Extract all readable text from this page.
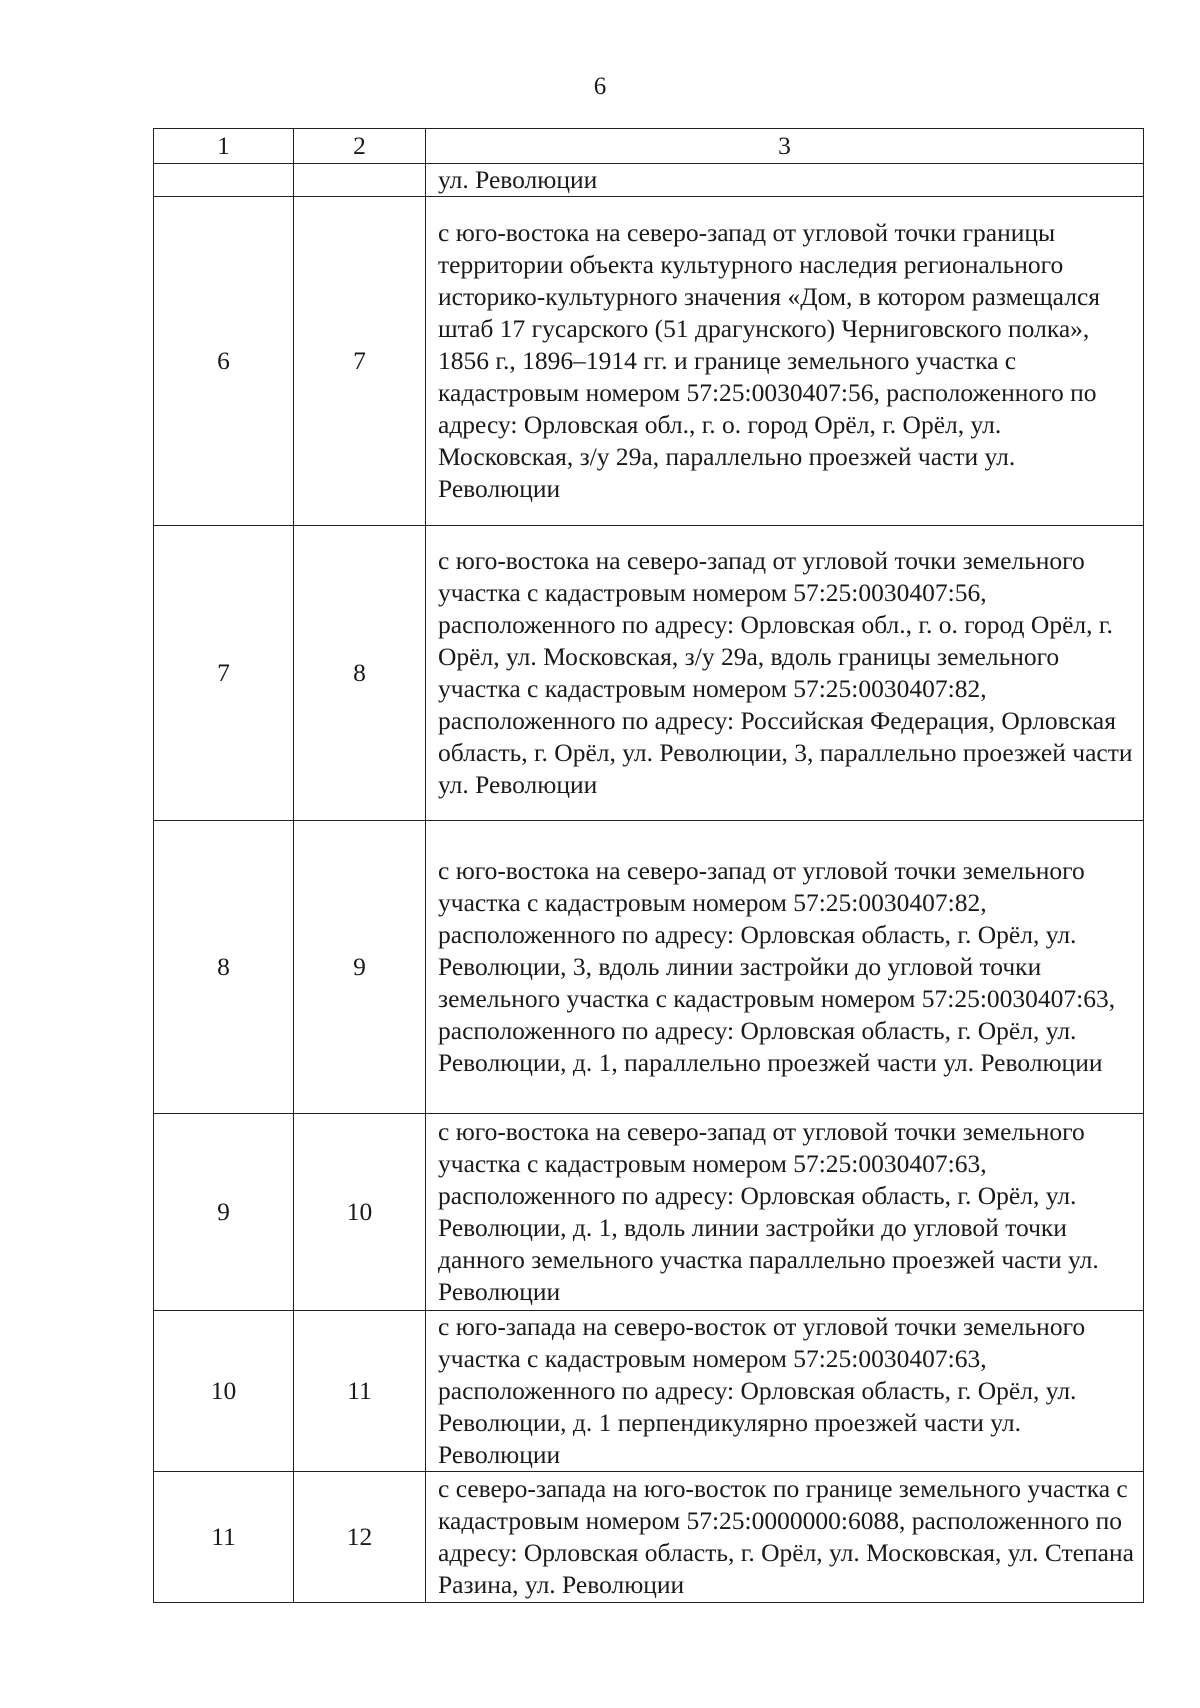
6
1	2	3
		ул. Революции
6	7	с юго-востока на северо-запад от угловой точки границы территории объекта культурного наследия регионального историко-культурного значения «Дом, в котором размещался штаб 17 гусарского (51 драгунского) Черниговского полка», 1856 г., 1896–1914 гг. и границе земельного участка с кадастровым номером 57:25:0030407:56, расположенного по адресу: Орловская обл., г. о. город Орёл, г. Орёл, ул. Московская, з/у 29а, параллельно проезжей части ул. Революции
7	8	с юго-востока на северо-запад от угловой точки земельного участка с кадастровым номером 57:25:0030407:56, расположенного по адресу: Орловская обл., г. о. город Орёл, г. Орёл, ул. Московская, з/у 29а, вдоль границы земельного участка с кадастровым номером 57:25:0030407:82, расположенного по адресу: Российская Федерация, Орловская область, г. Орёл, ул. Революции, 3, параллельно проезжей части ул. Революции
8	9	с юго-востока на северо-запад от угловой точки земельного участка с кадастровым номером 57:25:0030407:82, расположенного по адресу: Орловская область, г. Орёл, ул. Революции, 3, вдоль линии застройки до угловой точки земельного участка с кадастровым номером 57:25:0030407:63, расположенного по адресу: Орловская область, г. Орёл, ул. Революции, д. 1, параллельно проезжей части ул. Революции
9	10	с юго-востока на северо-запад от угловой точки земельного участка с кадастровым номером 57:25:0030407:63, расположенного по адресу: Орловская область, г. Орёл, ул. Революции, д. 1, вдоль линии застройки до угловой точки данного земельного участка параллельно проезжей части ул. Революции
10	11	с юго-запада на северо-восток от угловой точки земельного участка с кадастровым номером 57:25:0030407:63, расположенного по адресу: Орловская область, г. Орёл, ул. Революции, д. 1 перпендикулярно проезжей части ул. Революции
11	12	с северо-запада на юго-восток по границе земельного участка с кадастровым номером 57:25:0000000:6088, расположенного по адресу: Орловская область, г. Орёл, ул. Московская, ул. Степана Разина, ул. Революции
